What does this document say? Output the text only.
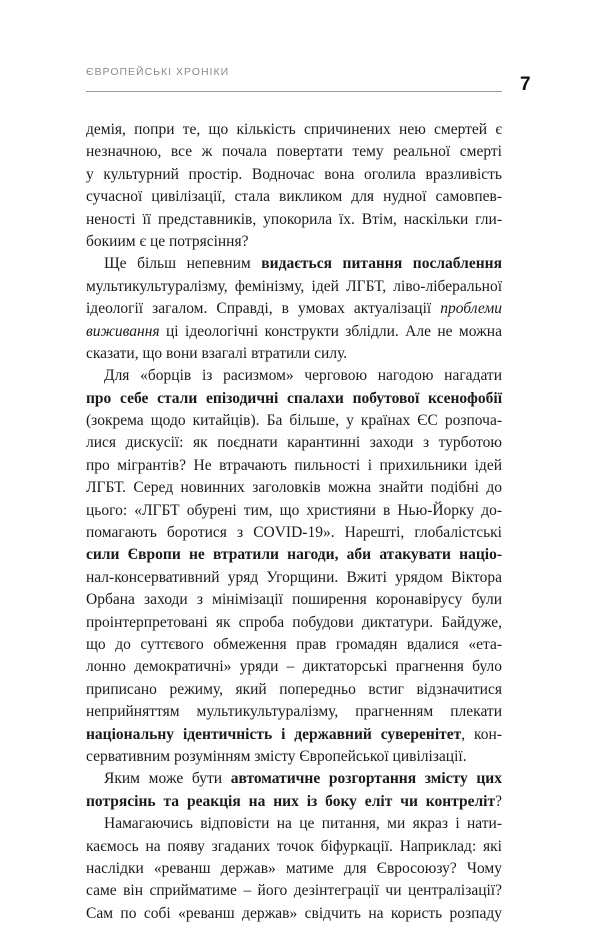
ЄВРОПЕЙСЬКІ ХРОНІКИ
7
демія, попри те, що кількість спричинених нею смертей є
незначною, все ж почала повертати тему реальної смерті
у культурний простір. Водночас вона оголила вразливість
сучасної цивілізації, стала викликом для нудної самовпев-
неності її представників, упокорила їх. Втім, наскільки гли-
бокиим є це потрясіння?
Ще більш непевним видається питання послаблення
мультикультуралізму, фемінізму, ідей ЛГБТ, ліво-ліберальної
ідеології загалом. Справді, в умовах актуалізації проблеми
виживання ці ідеологічні конструкти зблідли. Але не можна
сказати, що вони взагалі втратили силу.
Для «борців із расизмом» черговою нагодою нагадати
про себе стали епізодичні спалахи побутової ксенофобії
(зокрема щодо китайців). Ба більше, у країнах ЄС розпоча-
лися дискусії: як поєднати карантинні заходи з турботою
про мігрантів? Не втрачають пильності і прихильники ідей
ЛГБТ. Серед новинних заголовків можна знайти подібні до
цього: «ЛГБТ обурені тим, що християни в Нью-Йорку до-
помагають боротися з COVID-19». Нарешті, глобалістські
сили Європи не втратили нагоди, аби атакувати націо-
нал-консервативний уряд Угорщини. Вжиті урядом Віктора
Орбана заходи з мінімізації поширення коронавірусу були
проінтерпретовані як спроба побудови диктатури. Байдуже,
що до суттєвого обмеження прав громадян вдалися «ета-
лонно демократичні» уряди – диктаторські прагнення було
приписано режиму, який попередньо встиг відзначитися
неприйняттям мультикультуралізму, прагненням плекати
національну ідентичність і державний суверенітет, кон-
сервативним розумінням змісту Європейської цивілізації.
Яким може бути автоматичне розгортання змісту цих
потрясінь та реакція на них із боку еліт чи контреліт?
Намагаючись відповісти на це питання, ми якраз і нати-
каємось на появу згаданих точок біфуркації. Наприклад: які
наслідки «реванш держав» матиме для Євросоюзу? Чому
саме він сприйматиме – його дезінтеграції чи централізації?
Сам по собі «реванш держав» свідчить на користь розпаду
